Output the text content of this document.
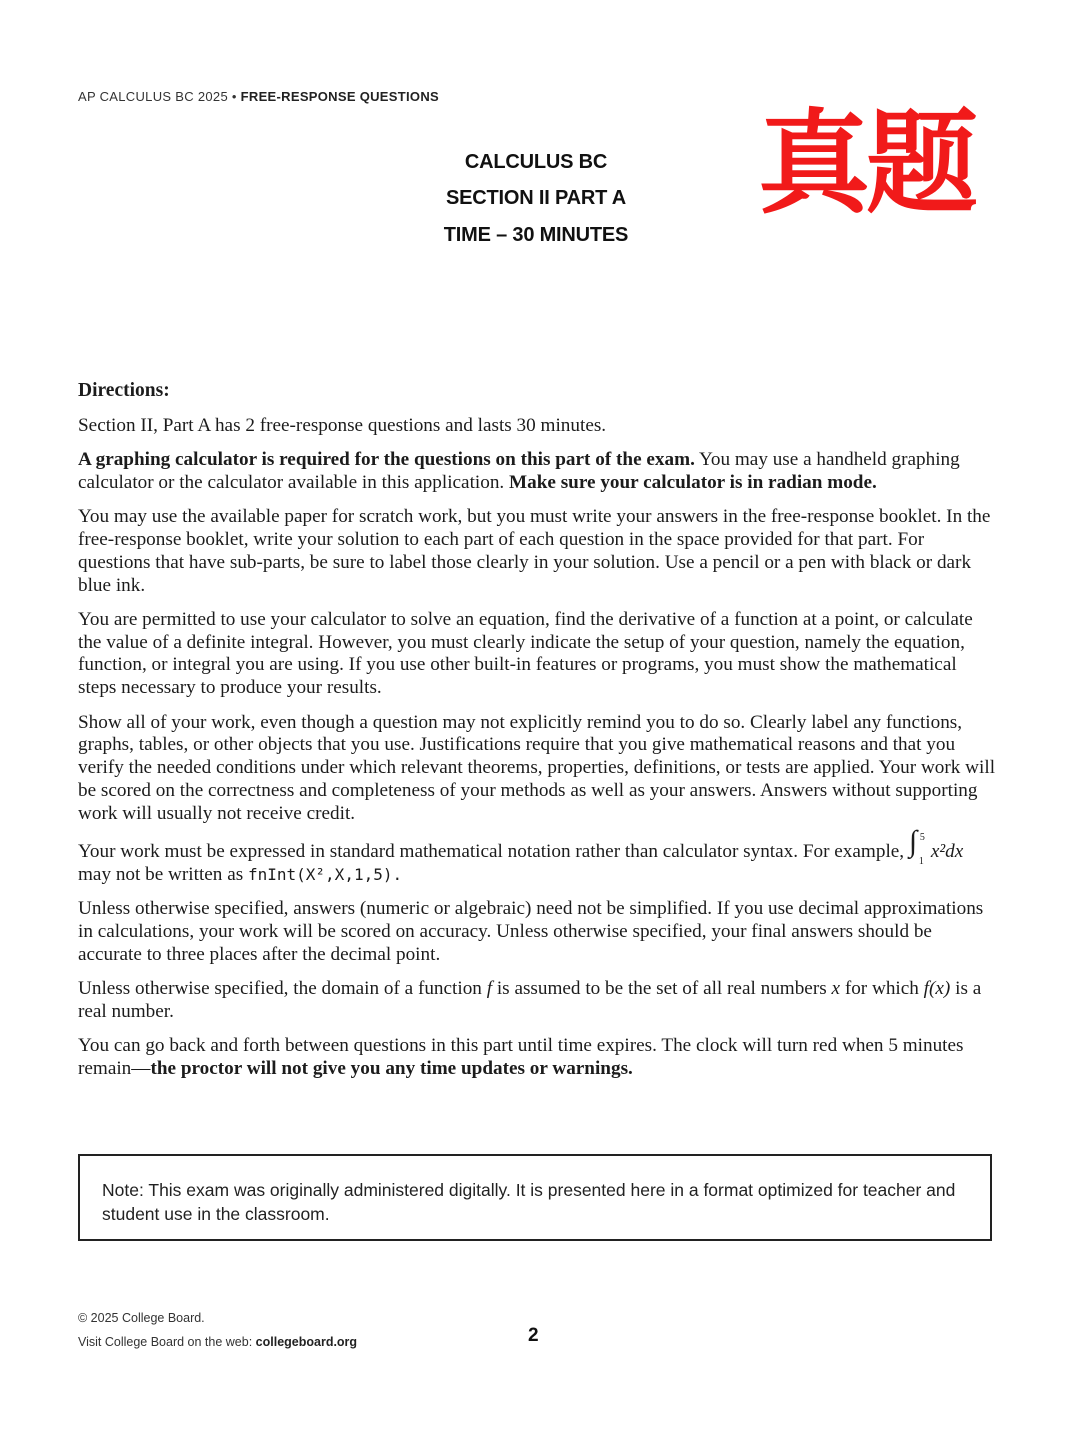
AP CALCULUS BC 2025 • FREE-RESPONSE QUESTIONS
CALCULUS BC
SECTION II PART A
TIME – 30 MINUTES
真题

Directions:

Section II, Part A has 2 free-response questions and lasts 30 minutes.

A graphing calculator is required for the questions on this part of the exam. You may use a handheld graphing calculator or the calculator available in this application. Make sure your calculator is in radian mode.

You may use the available paper for scratch work, but you must write your answers in the free-response booklet. In the free-response booklet, write your solution to each part of each question in the space provided for that part. For questions that have sub-parts, be sure to label those clearly in your solution. Use a pencil or a pen with black or dark blue ink.

You are permitted to use your calculator to solve an equation, find the derivative of a function at a point, or calculate the value of a definite integral. However, you must clearly indicate the setup of your question, namely the equation, function, or integral you are using. If you use other built-in features or programs, you must show the mathematical steps necessary to produce your results.

Show all of your work, even though a question may not explicitly remind you to do so. Clearly label any functions, graphs, tables, or other objects that you use. Justifications require that you give mathematical reasons and that you verify the needed conditions under which relevant theorems, properties, definitions, or tests are applied. Your work will be scored on the correctness and completeness of your methods as well as your answers. Answers without supporting work will usually not receive credit.

Your work must be expressed in standard mathematical notation rather than calculator syntax. For example, ∫ 5
1 x²dx may not be written as fnInt(X²,X,1,5).

Unless otherwise specified, answers (numeric or algebraic) need not be simplified. If you use decimal approximations in calculations, your work will be scored on accuracy. Unless otherwise specified, your final answers should be accurate to three places after the decimal point.

Unless otherwise specified, the domain of a function f is assumed to be the set of all real numbers x for which f(x) is a real number.

You can go back and forth between questions in this part until time expires. The clock will turn red when 5 minutes remain—the proctor will not give you any time updates or warnings.

Note: This exam was originally administered digitally. It is presented here in a format optimized for teacher and student use in the classroom.
© 2025 College Board.
Visit College Board on the web: collegeboard.org	2
